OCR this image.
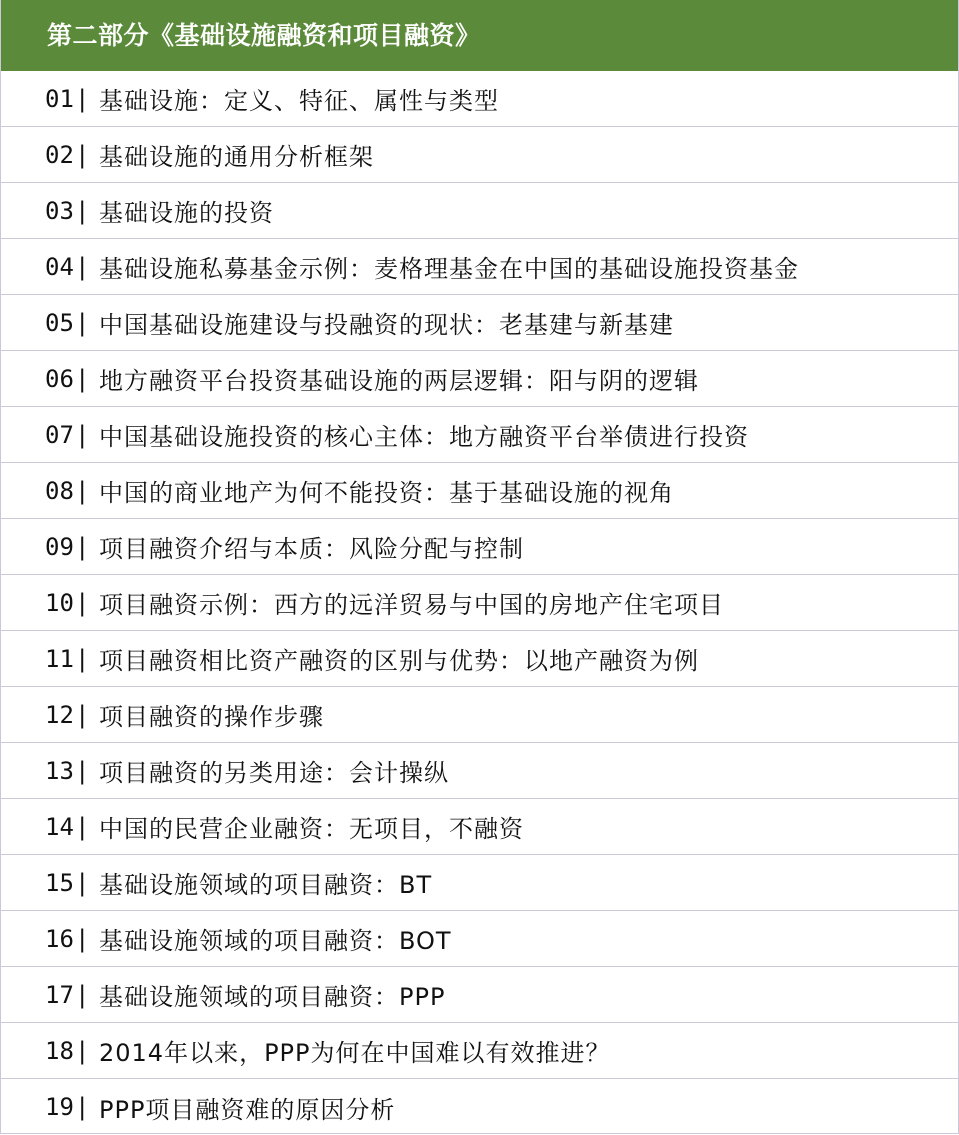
第二部分《基础设施融资和项目融资》
01 | 基础设施：定义、特征、属性与类型
02 | 基础设施的通用分析框架
03 | 基础设施的投资
04 | 基础设施私募基金示例：麦格理基金在中国的基础设施投资基金
05 | 中国基础设施建设与投融资的现状：老基建与新基建
06 | 地方融资平台投资基础设施的两层逻辑：阳与阴的逻辑
07 | 中国基础设施投资的核心主体：地方融资平台举债进行投资
08 | 中国的商业地产为何不能投资：基于基础设施的视角
09 | 项目融资介绍与本质：风险分配与控制
10 | 项目融资示例：西方的远洋贸易与中国的房地产住宅项目
11 | 项目融资相比资产融资的区别与优势：以地产融资为例
12 | 项目融资的操作步骤
13 | 项目融资的另类用途：会计操纵
14 | 中国的民营企业融资：无项目，不融资
15 | 基础设施领域的项目融资：BT
16 | 基础设施领域的项目融资：BOT
17 | 基础设施领域的项目融资：PPP
18 | 2014年以来，PPP为何在中国难以有效推进？
19 | PPP项目融资难的原因分析
